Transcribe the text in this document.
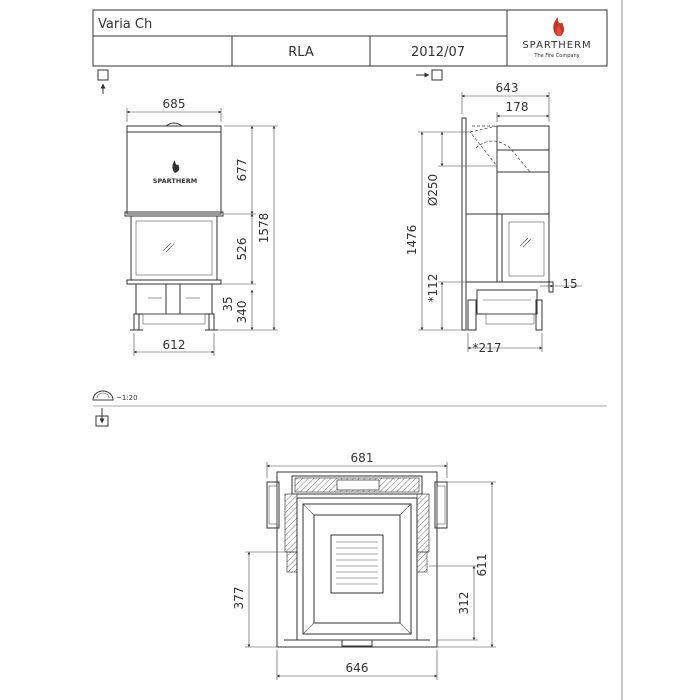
Varia Ch
RLA	2012/07	SPARTHERM
The Fire Company
SPARTHERM
685
612
677
526
35 340
1578
643
178
1476
Ø250
*112	15
*217
~1:20
681
646
377	312
611
